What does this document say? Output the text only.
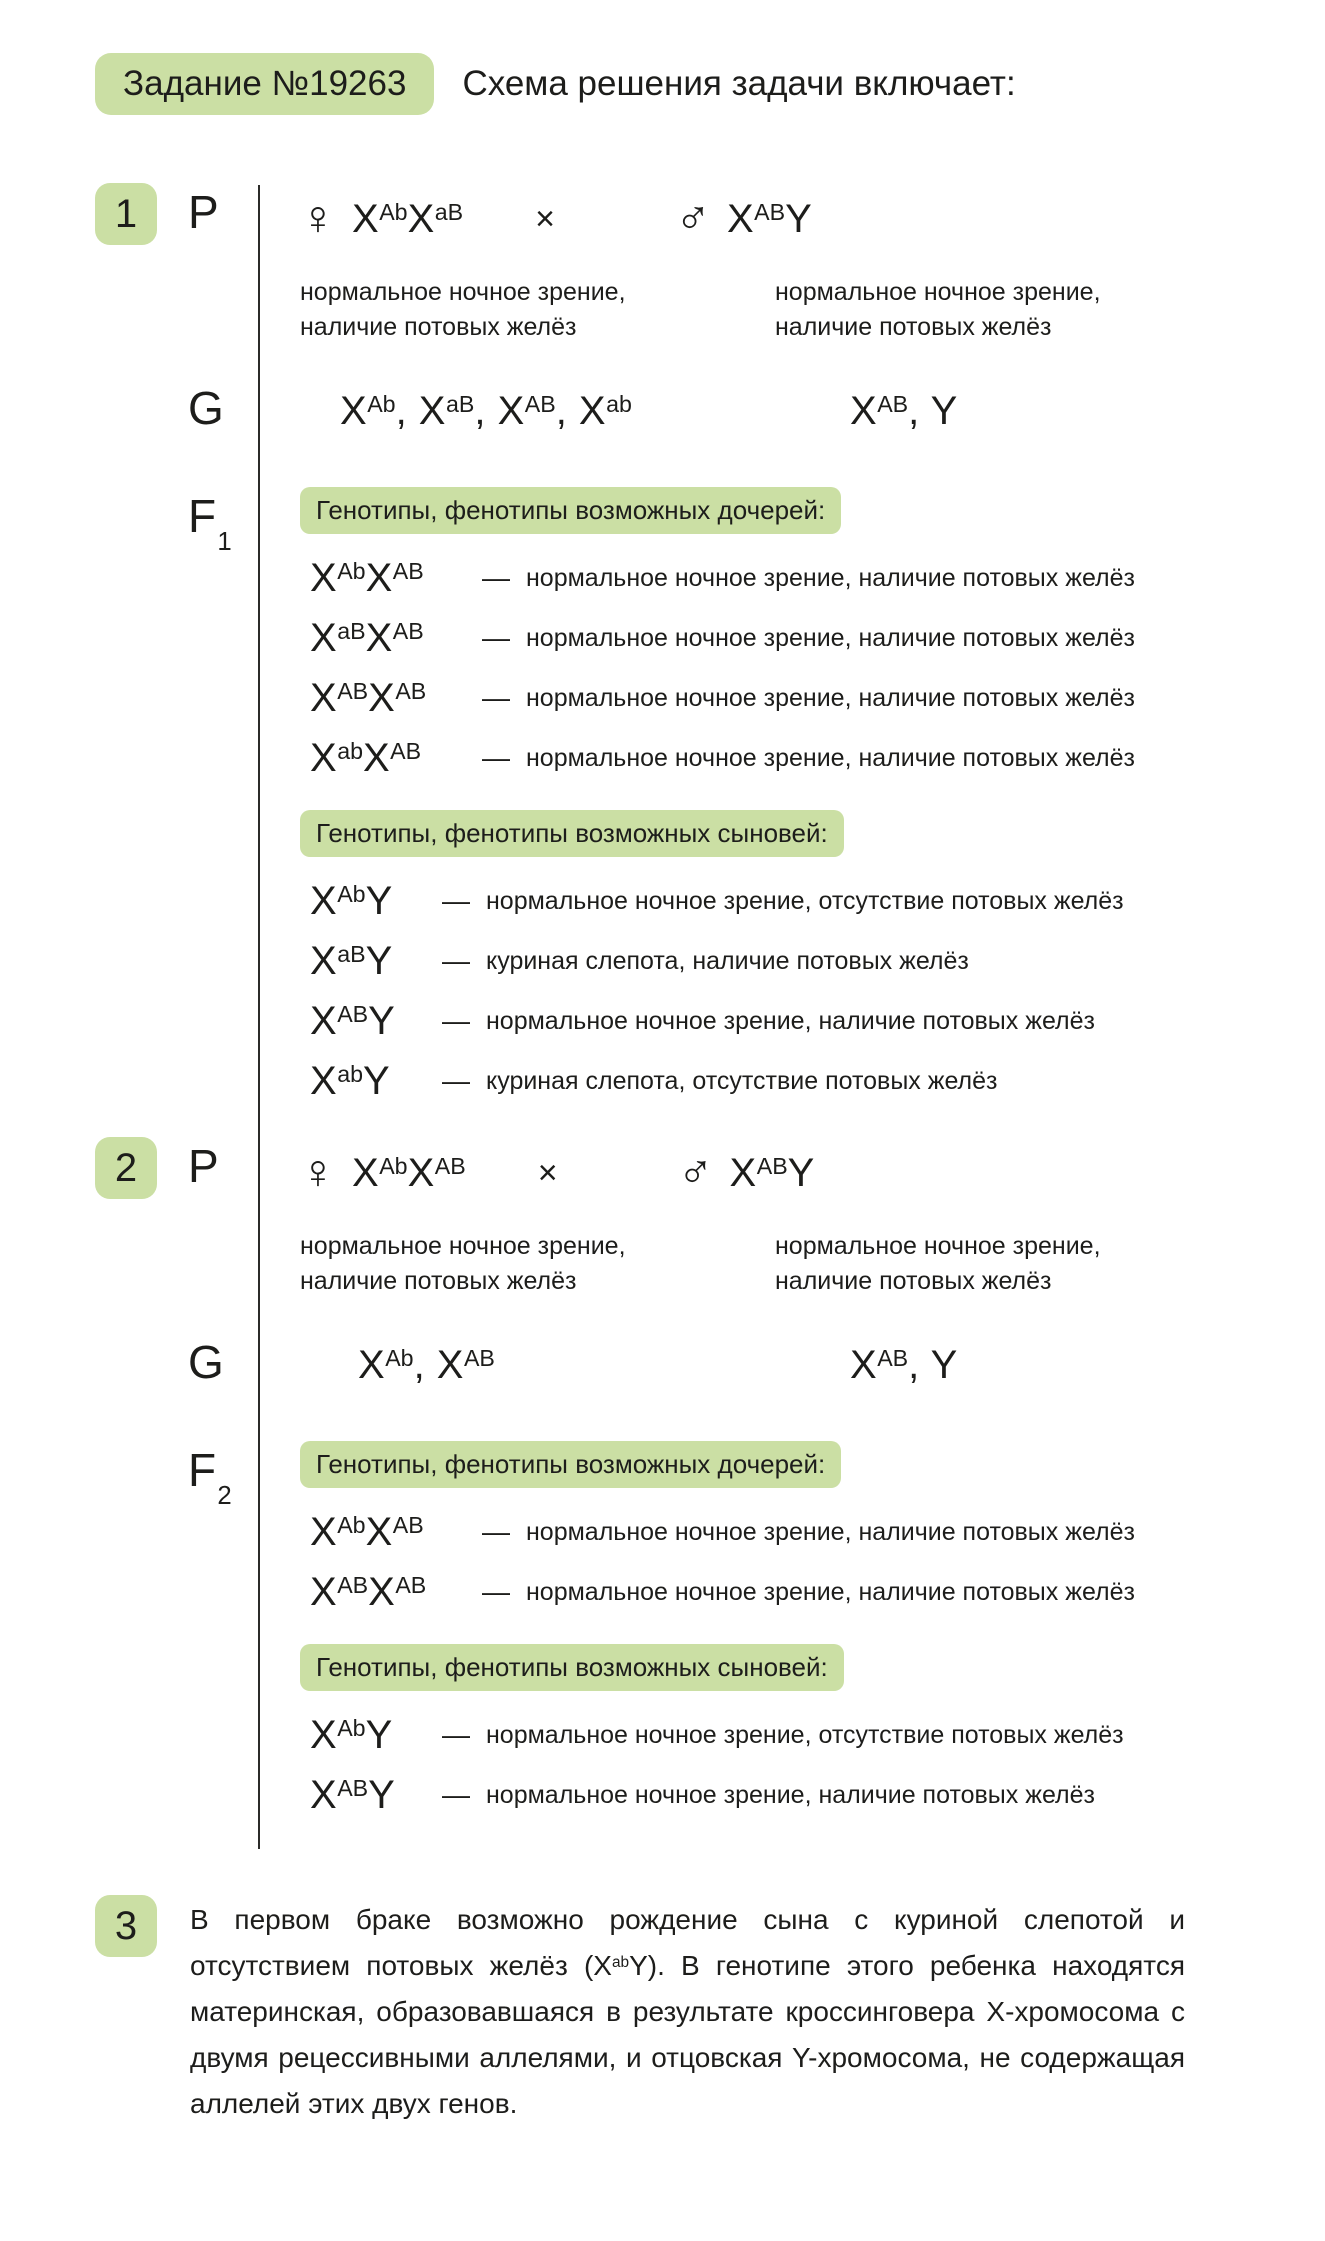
Задание №19263	Схема решения задачи включает:
1	P ♀ $X^{Ab}X^{aB}$ ×	♂ $X^{AB}Y$
нормальное ночное зрение,
наличие потовых желёз
нормальное ночное зрение,
наличие потовых желёз
G	$X^{Ab}$, $X^{aB}$, $X^{AB}$, $X^{ab}$	$X^{AB}$, Y
$F_1$
Генотипы, фенотипы возможных дочерей:
$X^{Ab}X^{AB}$	— нормальное ночное зрение, наличие потовых желёз
$X^{aB}X^{AB}$	— нормальное ночное зрение, наличие потовых желёз
$X^{AB}X^{AB}$	— нормальное ночное зрение, наличие потовых желёз
$X^{ab}X^{AB}$	— нормальное ночное зрение, наличие потовых желёз
Генотипы, фенотипы возможных сыновей:
$X^{Ab}Y$	— нормальное ночное зрение, отсутствие потовых желёз
$X^{aB}Y$	— куриная слепота, наличие потовых желёз
$X^{AB}Y$	— нормальное ночное зрение, наличие потовых желёз
$X^{ab}Y$	— куриная слепота, отсутствие потовых желёз
2	P ♀ $X^{Ab}X^{AB}$ ×	♂ $X^{AB}Y$
нормальное ночное зрение,
наличие потовых желёз
нормальное ночное зрение,
наличие потовых желёз
G	$X^{Ab}$, $X^{AB}$	$X^{AB}$, Y
$F_2$
Генотипы, фенотипы возможных дочерей:
$X^{Ab}X^{AB}$	— нормальное ночное зрение, наличие потовых желёз
$X^{AB}X^{AB}$	— нормальное ночное зрение, наличие потовых желёз
Генотипы, фенотипы возможных сыновей:
$X^{Ab}Y$	— нормальное ночное зрение, отсутствие потовых желёз
$X^{AB}Y$	— нормальное ночное зрение, наличие потовых желёз
3	В первом браке возможно рождение сына с куриной слепотой и отсутствием потовых желёз $(X^{ab}Y)$. В генотипе этого ребенка находятся материнская, образовавшаяся в результате кроссинговера Х-хромосома с двумя рецессивными аллелями, и отцовская Y-хромосома, не содержащая аллелей этих двух генов.
